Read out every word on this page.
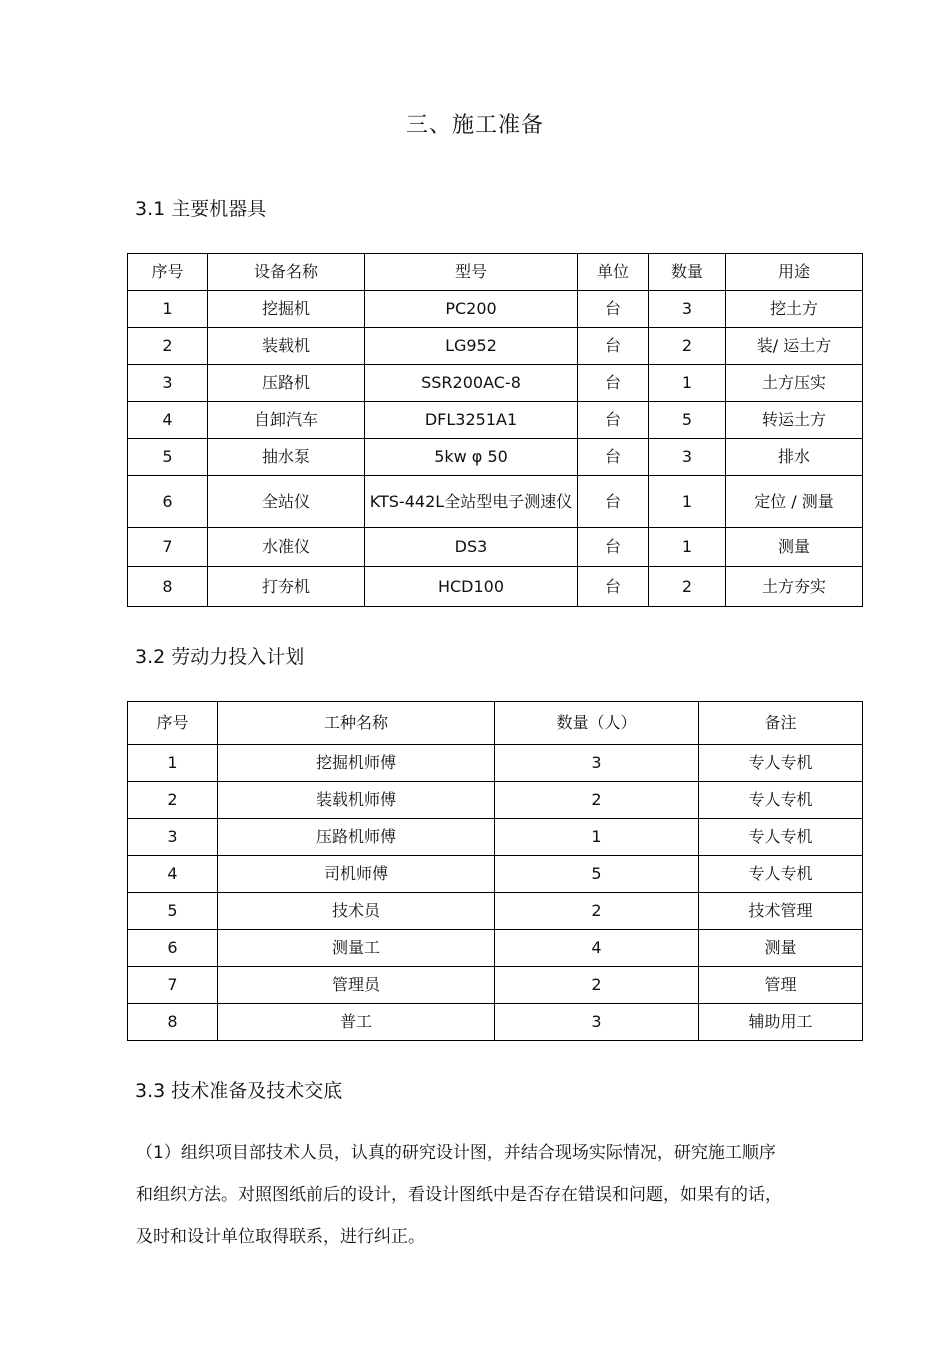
三、施工准备
3.1 主要机器具
序号	设备名称	型号	单位	数量	用途
1	挖掘机	PC200	台	3	挖土方
2	装载机	LG952	台	2	装/ 运土方
3	压路机	SSR200AC-8	台	1	土方压实
4	自卸汽车	DFL3251A1	台	5	转运土方
5	抽水泵	5kw φ 50	台	3	排水
6	全站仪	KTS-442L全站型电子测速仪	台	1	定位 / 测量
7	水准仪	DS3	台	1	测量
8	打夯机	HCD100	台	2	土方夯实
3.2 劳动力投入计划
序号	工种名称	数量（人）	备注
1	挖掘机师傅	3	专人专机
2	装载机师傅	2	专人专机
3	压路机师傅	1	专人专机
4	司机师傅	5	专人专机
5	技术员	2	技术管理
6	测量工	4	测量
7	管理员	2	管理
8	普工	3	辅助用工
3.3 技术准备及技术交底
（1）组织项目部技术人员，认真的研究设计图，并结合现场实际情况，研究施工顺序
和组织方法。对照图纸前后的设计，看设计图纸中是否存在错误和问题，如果有的话，
及时和设计单位取得联系，进行纠正。
